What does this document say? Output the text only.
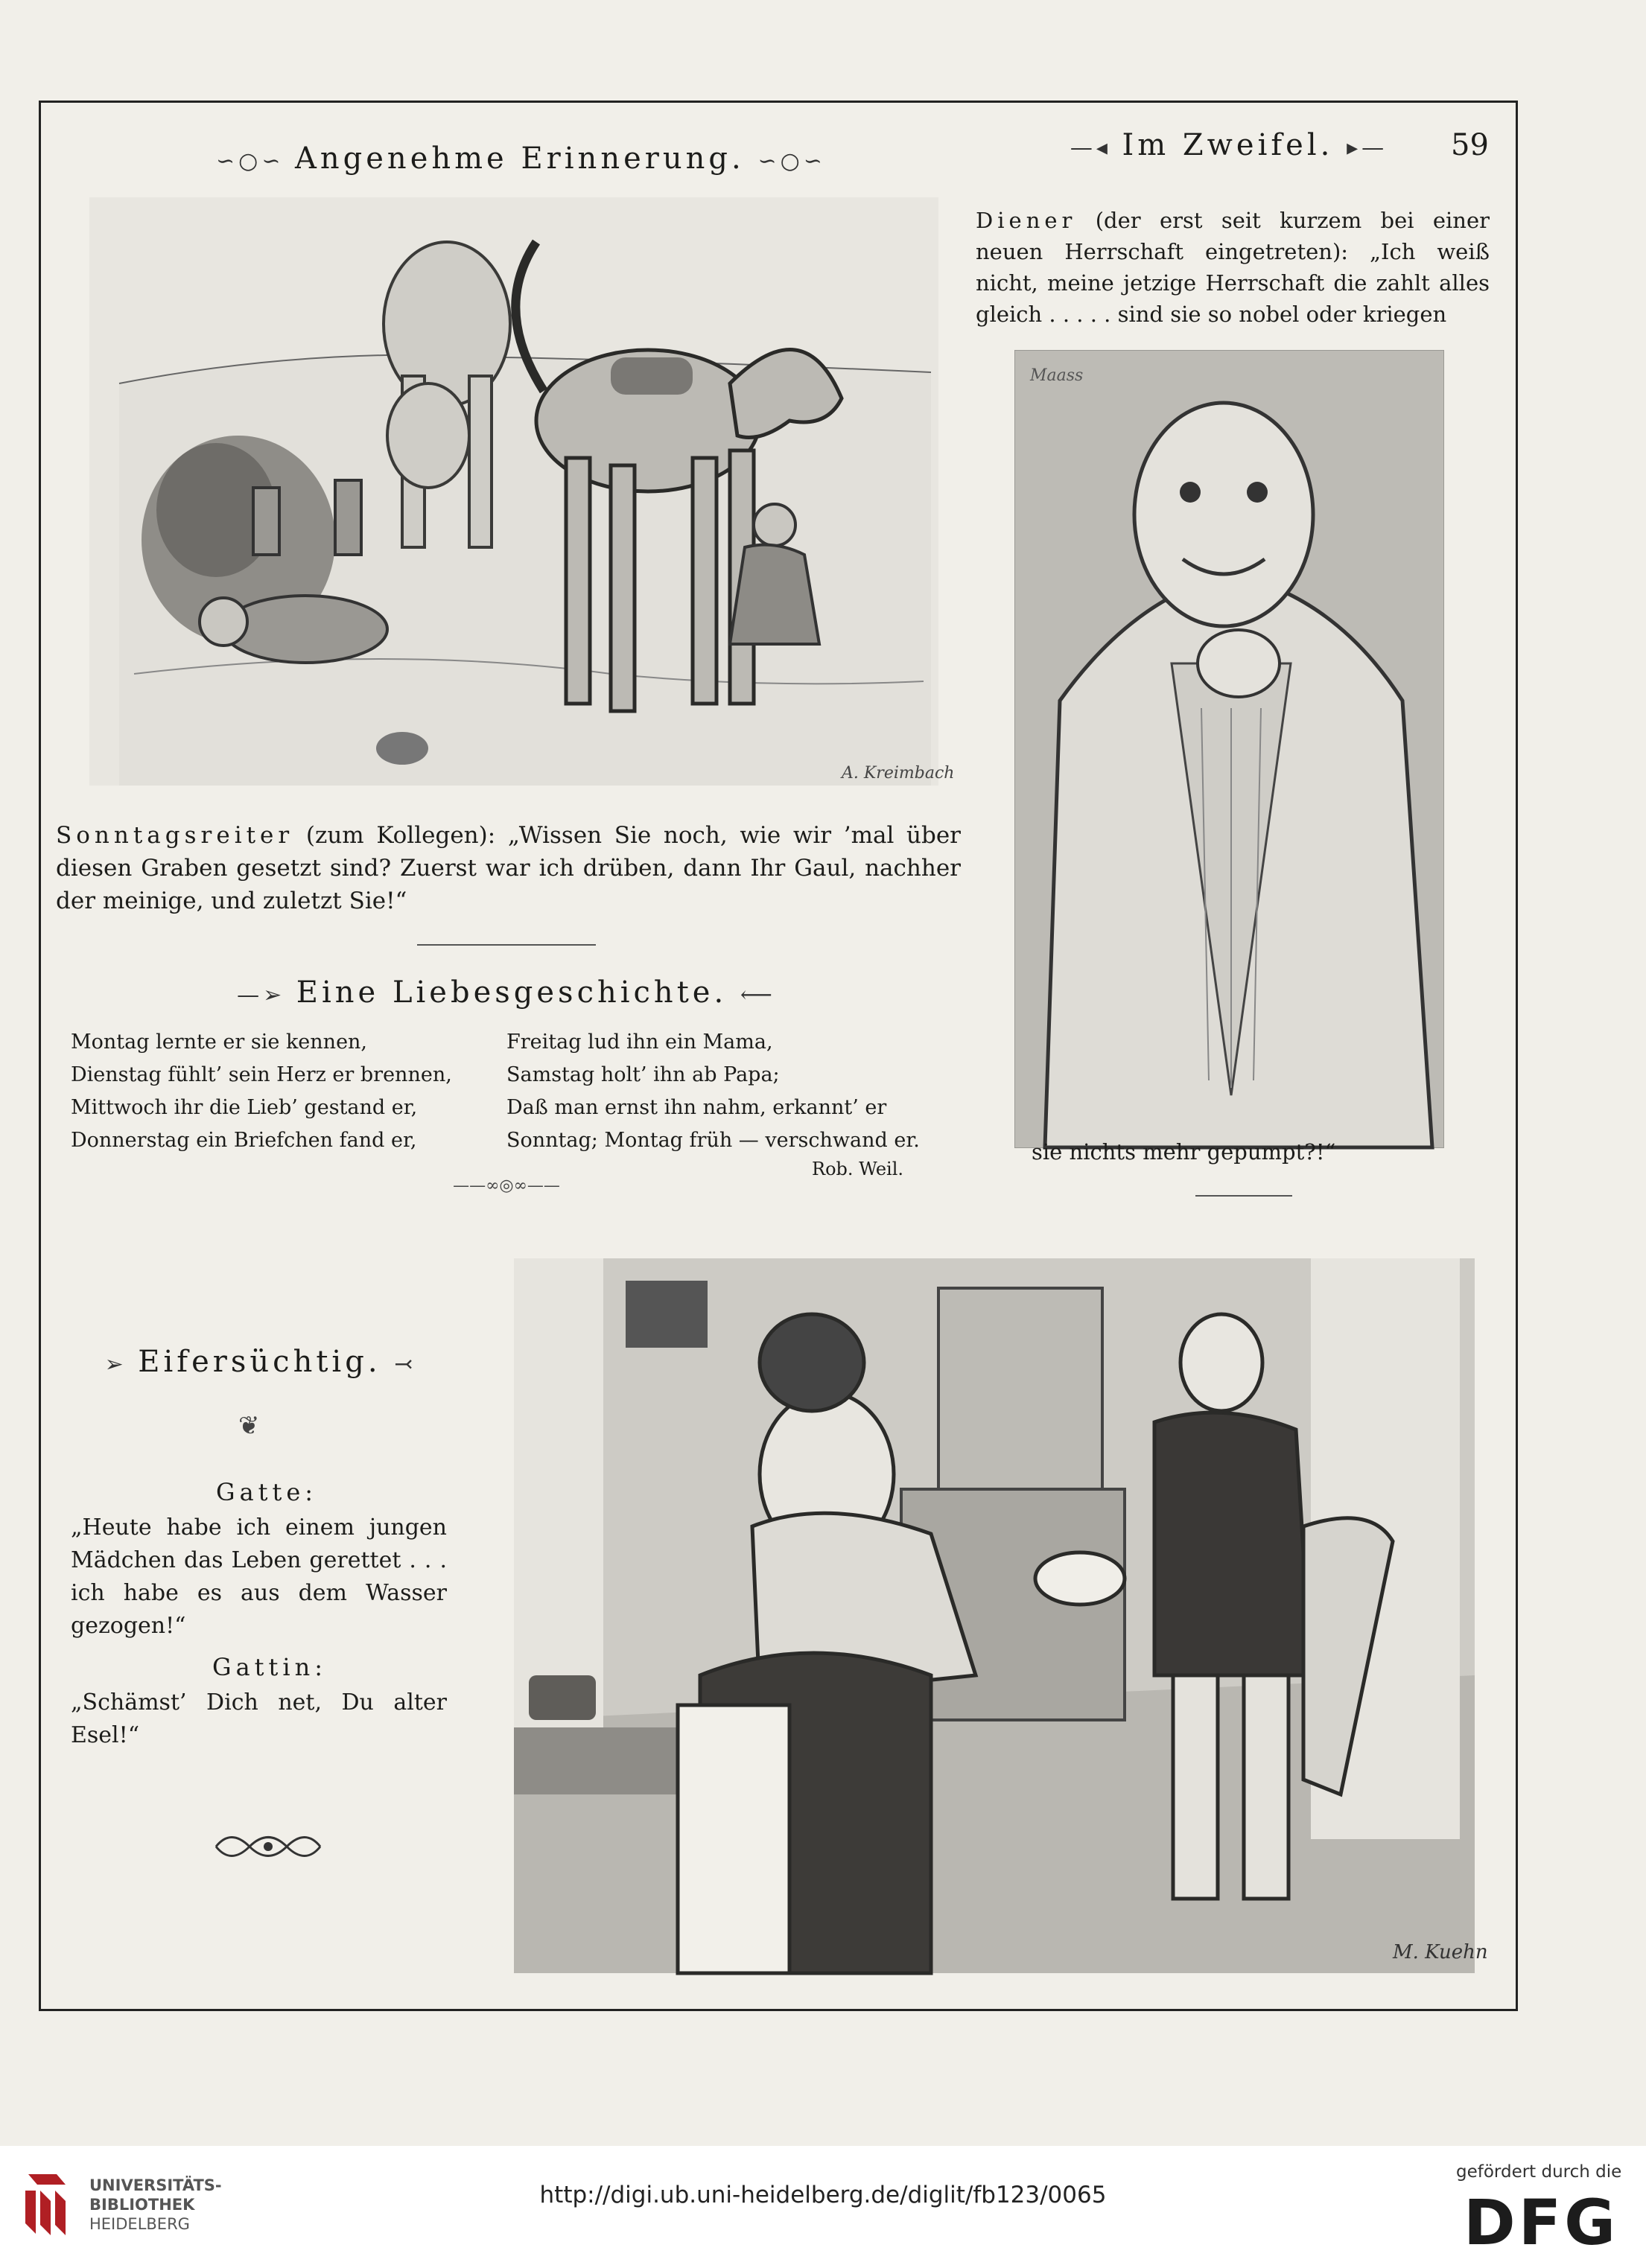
59
∽○∽ Angenehme Erinnerung. ∽○∽
A. Kreimbach
Sonntagsreiter (zum Kollegen): „Wissen Sie noch, wie wir ’mal über diesen Graben gesetzt sind? Zuerst war ich drüben, dann Ihr Gaul, nachher der meinige, und zuletzt Sie!“
—➢ Eine Liebesgeschichte. ⟵
Montag lernte er sie kennen,
Dienstag fühlt’ sein Herz er brennen,
Mittwoch ihr die Lieb’ gestand er,
Donnerstag ein Briefchen fand er,
Freitag lud ihn ein Mama,
Samstag holt’ ihn ab Papa;
Daß man ernst ihn nahm, erkannt’ er
Sonntag; Montag früh — verschwand er.
Rob. Weil.
——∞◎∞——
—◂ Im Zweifel. ▸—
Diener (der erst seit kurzem bei einer neuen Herrschaft eingetreten): „Ich weiß nicht, meine jetzige Herrschaft die zahlt alles gleich . . . . . sind sie so nobel oder kriegen
Maass
sie nichts mehr gepumpt?!“
➢ Eifersüchtig. ⤙
❦
Gatte:
„Heute habe ich einem jungen Mädchen das Leben gerettet . . . ich habe es aus dem Wasser gezogen!“
Gattin:
„Schämst’ Dich net, Du alter Esel!“
M. Kuehn
UNIVERSITÄTS-
BIBLIOTHEK
HEIDELBERG
http://digi.ub.uni-heidelberg.de/diglit/fb123/0065
gefördert durch die
DFG
